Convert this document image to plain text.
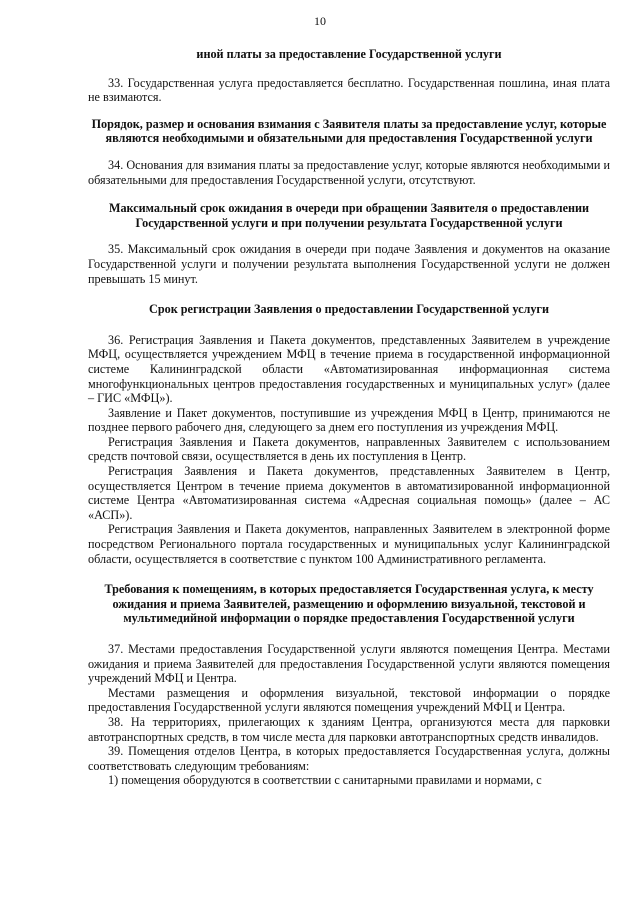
10
иной платы за предоставление Государственной услуги

33. Государственная услуга предоставляется бесплатно. Государственная пошлина, иная плата не взимаются.

Порядок, размер и основания взимания с Заявителя платы за предоставление услуг, которые являются необходимыми и обязательными для предоставления Государственной услуги

34. Основания для взимания платы за предоставление услуг, которые являются необходимыми и обязательными для предоставления Государственной услуги, отсутствуют.

Максимальный срок ожидания в очереди при обращении Заявителя о предоставлении Государственной услуги и при получении результата Государственной услуги

35. Максимальный срок ожидания в очереди при подаче Заявления и документов на оказание Государственной услуги и получении результата выполнения Государственной услуги не должен превышать 15 минут.

Срок регистрации Заявления о предоставлении Государственной услуги

36. Регистрация Заявления и Пакета документов, представленных Заявителем в учреждение МФЦ, осуществляется учреждением МФЦ в течение приема в государственной информационной системе Калининградской области «Автоматизированная информационная система многофункциональных центров предоставления государственных и муниципальных услуг» (далее – ГИС «МФЦ»).

Заявление и Пакет документов, поступившие из учреждения МФЦ в Центр, принимаются не позднее первого рабочего дня, следующего за днем его поступления из учреждения МФЦ.

Регистрация Заявления и Пакета документов, направленных Заявителем с использованием средств почтовой связи, осуществляется в день их поступления в Центр.

Регистрация Заявления и Пакета документов, представленных Заявителем в Центр, осуществляется Центром в течение приема документов в автоматизированной информационной системе Центра «Автоматизированная система «Адресная социальная помощь» (далее – АС «АСП»).

Регистрация Заявления и Пакета документов, направленных Заявителем в электронной форме посредством Регионального портала государственных и муниципальных услуг Калининградской области, осуществляется в соответствие с пунктом 100 Административного регламента.

Требования к помещениям, в которых предоставляется Государственная услуга, к месту ожидания и приема Заявителей, размещению и оформлению визуальной, текстовой и мультимедийной информации о порядке предоставления Государственной услуги

37. Местами предоставления Государственной услуги являются помещения Центра. Местами ожидания и приема Заявителей для предоставления Государственной услуги являются помещения учреждений МФЦ и Центра.

Местами размещения и оформления визуальной, текстовой информации о порядке предоставления Государственной услуги являются помещения учреждений МФЦ и Центра.

38. На территориях, прилегающих к зданиям Центра, организуются места для парковки автотранспортных средств, в том числе места для парковки автотранспортных средств инвалидов.

39. Помещения отделов Центра, в которых предоставляется Государственная услуга, должны соответствовать следующим требованиям:

1) помещения оборудуются в соответствии с санитарными правилами и нормами, с
